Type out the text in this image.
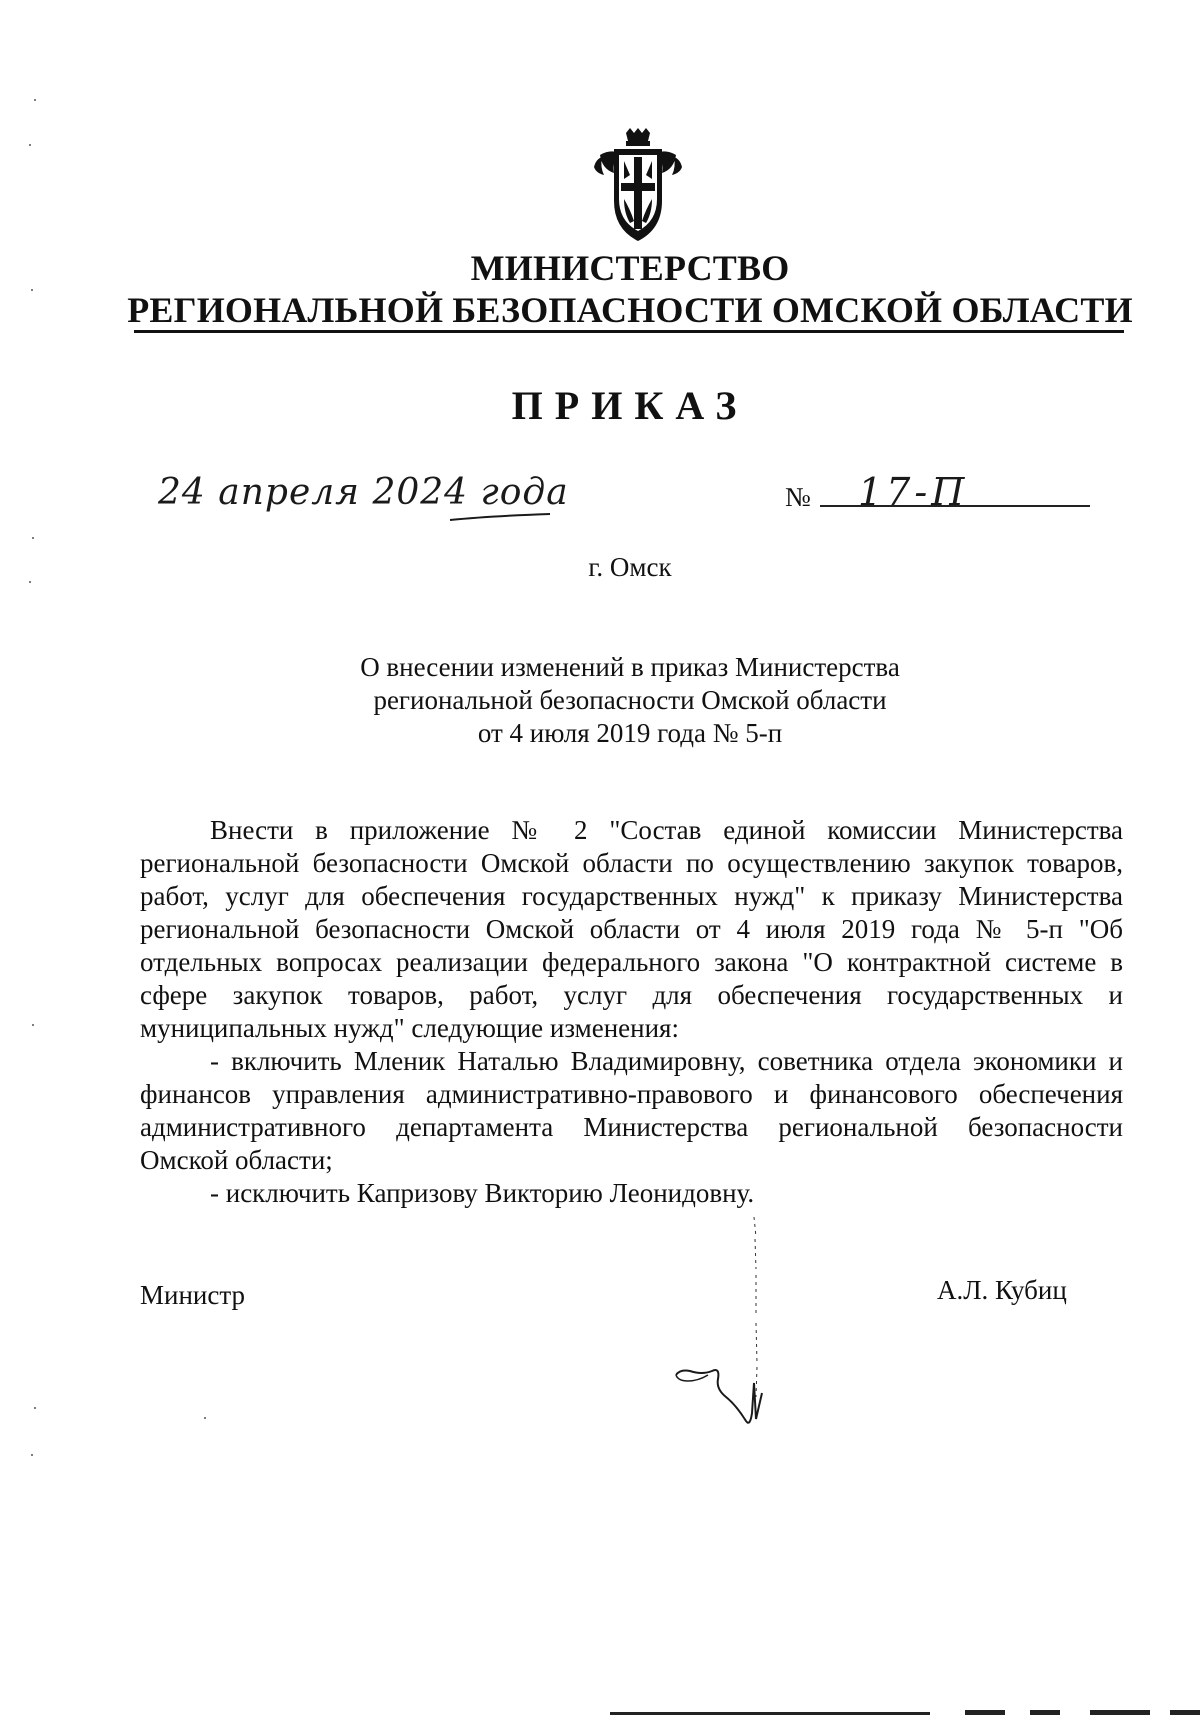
МИНИСТЕРСТВО
РЕГИОНАЛЬНОЙ БЕЗОПАСНОСТИ ОМСКОЙ ОБЛАСТИ
ПРИКАЗ
24 апреля 2024 года	№ 17-П
г. Омск
О внесении изменений в приказ Министерства
региональной безопасности Омской области
от 4 июля 2019 года № 5-п

Внести в приложение № 2 "Состав единой комиссии Министерства региональной безопасности Омской области по осуществлению закупок товаров, работ, услуг для обеспечения государственных нужд" к приказу Министерства региональной безопасности Омской области от 4 июля 2019 года № 5-п "Об отдельных вопросах реализации федерального закона "О контрактной системе в сфере закупок товаров, работ, услуг для обеспечения государственных и муниципальных нужд" следующие изменения:

- включить Мленик Наталью Владимировну, советника отдела экономики и финансов управления административно-правового и финансового обеспечения административного департамента Министерства региональной безопасности Омской области;

- исключить Капризову Викторию Леонидовну.

Министр	А.Л. Кубиц
